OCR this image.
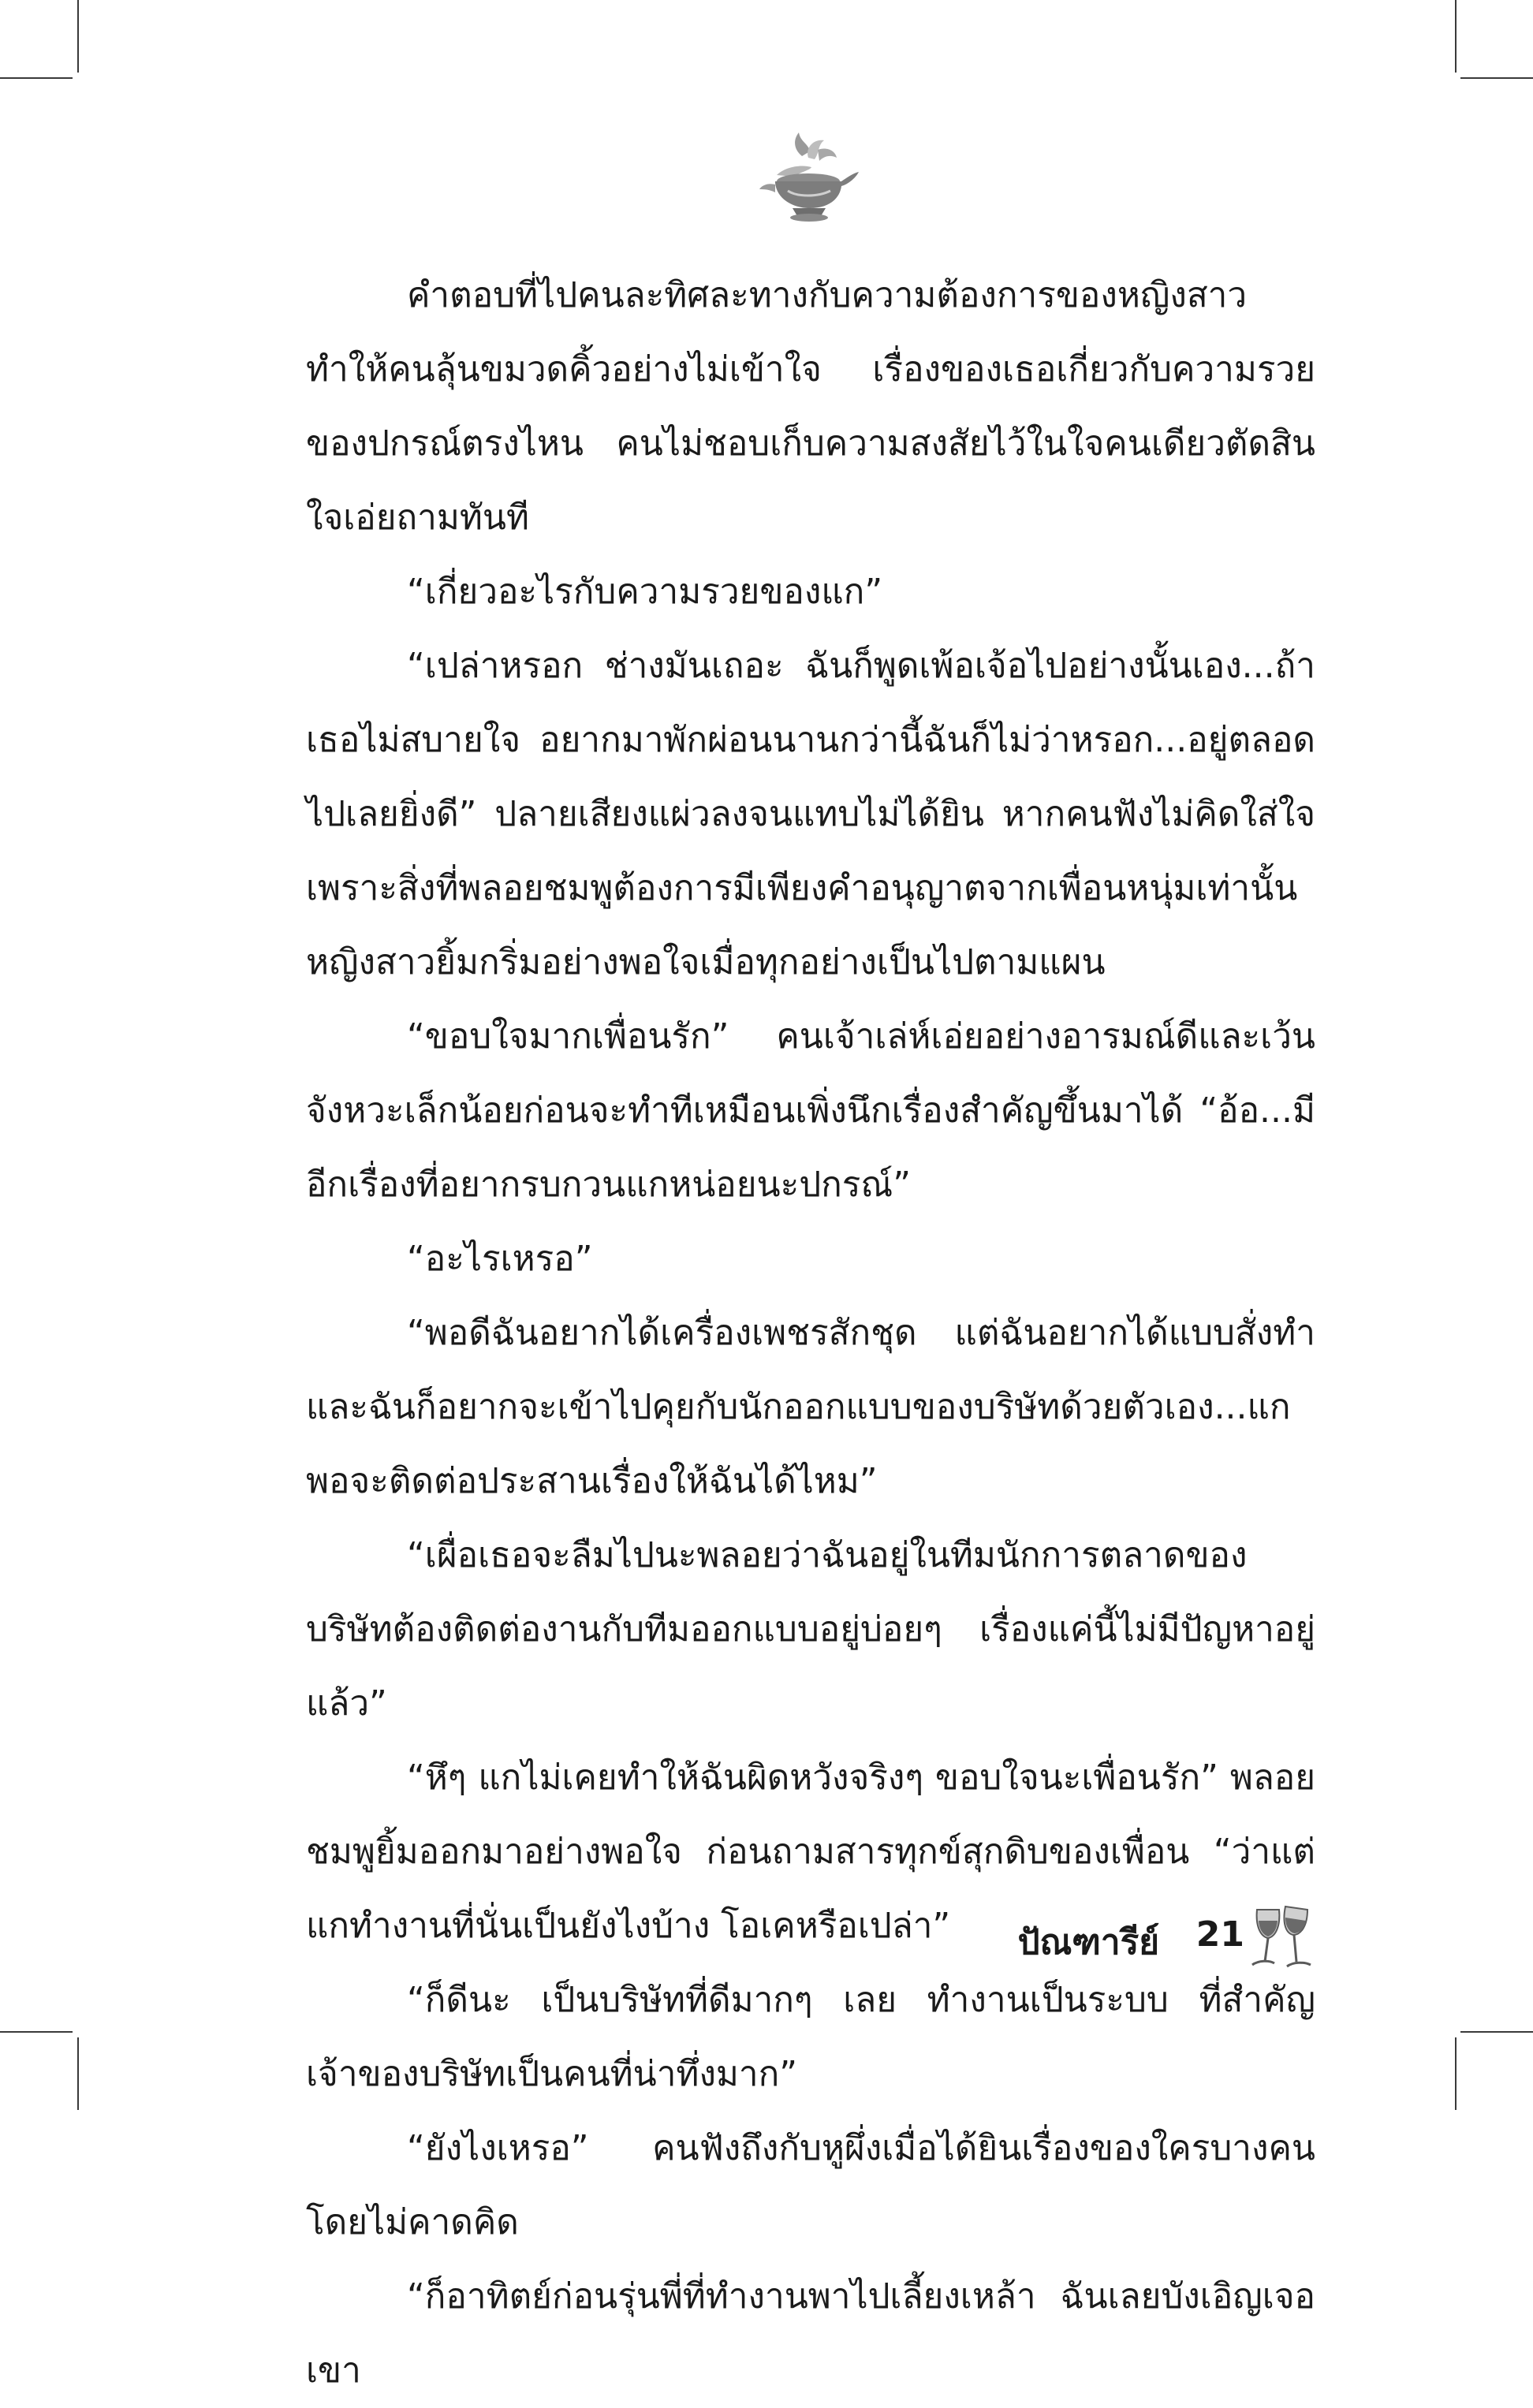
คำตอบที่ไปคนละทิศละทางกับความต้องการของหญิงสาวทำให้คนลุ้นขมวดคิ้วอย่างไม่เข้าใจ เรื่องของเธอเกี่ยวกับความรวยของปกรณ์ตรงไหน คนไม่ชอบเก็บความสงสัยไว้ในใจคนเดียวตัดสินใจเอ่ยถามทันที

“เกี่ยวอะไรกับความรวยของแก”

“เปล่าหรอก ช่างมันเถอะ ฉันก็พูดเพ้อเจ้อไปอย่างนั้นเอง...ถ้าเธอไม่สบายใจ อยากมาพักผ่อนนานกว่านี้ฉันก็ไม่ว่าหรอก...อยู่ตลอดไปเลยยิ่งดี” ปลายเสียงแผ่วลงจนแทบไม่ได้ยิน หากคนฟังไม่คิดใส่ใจ เพราะสิ่งที่พลอยชมพูต้องการมีเพียงคำอนุญาตจากเพื่อนหนุ่มเท่านั้น หญิงสาวยิ้มกริ่มอย่างพอใจเมื่อทุกอย่างเป็นไปตามแผน

“ขอบใจมากเพื่อนรัก” คนเจ้าเล่ห์เอ่ยอย่างอารมณ์ดีและเว้นจังหวะเล็กน้อยก่อนจะทำทีเหมือนเพิ่งนึกเรื่องสำคัญขึ้นมาได้ “อ้อ...มีอีกเรื่องที่อยากรบกวนแกหน่อยนะปกรณ์”

“อะไรเหรอ”

“พอดีฉันอยากได้เครื่องเพชรสักชุด แต่ฉันอยากได้แบบสั่งทำ และฉันก็อยากจะเข้าไปคุยกับนักออกแบบของบริษัทด้วยตัวเอง...แกพอจะติดต่อประสานเรื่องให้ฉันได้ไหม”

“เผื่อเธอจะลืมไปนะพลอยว่าฉันอยู่ในทีมนักการตลาดของบริษัทต้องติดต่องานกับทีมออกแบบอยู่บ่อยๆ เรื่องแค่นี้ไม่มีปัญหาอยู่แล้ว”

“หึๆ แกไม่เคยทำให้ฉันผิดหวังจริงๆ ขอบใจนะเพื่อนรัก” พลอยชมพูยิ้มออกมาอย่างพอใจ ก่อนถามสารทุกข์สุกดิบของเพื่อน “ว่าแต่แกทำงานที่นั่นเป็นยังไงบ้าง โอเคหรือเปล่า”

“ก็ดีนะ เป็นบริษัทที่ดีมากๆ เลย ทำงานเป็นระบบ ที่สำคัญเจ้าของบริษัทเป็นคนที่น่าทึ่งมาก”

“ยังไงเหรอ” คนฟังถึงกับหูผึ่งเมื่อได้ยินเรื่องของใครบางคนโดยไม่คาดคิด

“ก็อาทิตย์ก่อนรุ่นพี่ที่ทำงานพาไปเลี้ยงเหล้า ฉันเลยบังเอิญเจอเขา

ปัณฑารีย์ 21
